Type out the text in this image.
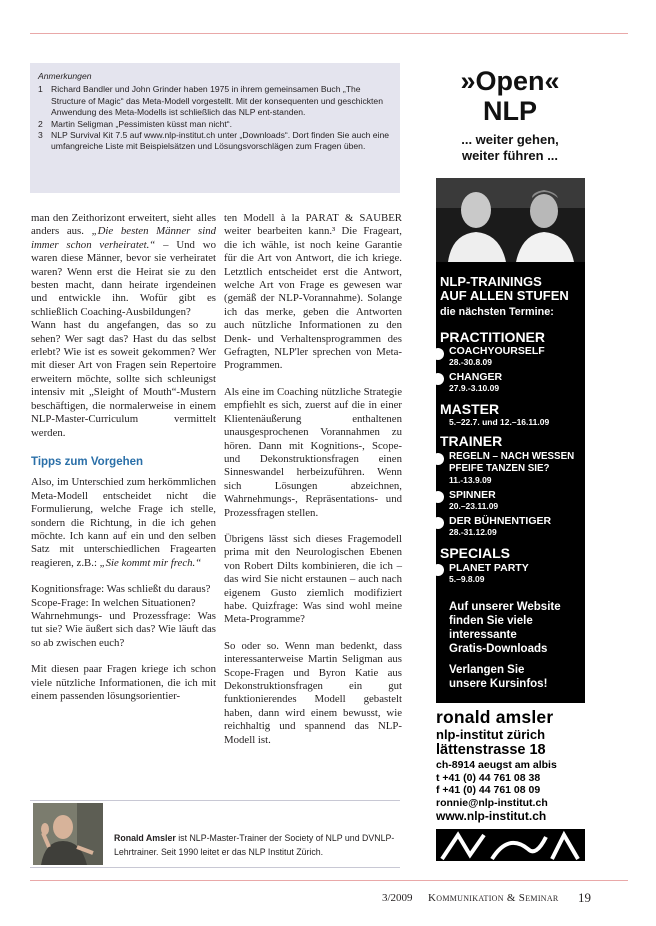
Anmerkungen
1 Richard Bandler und John Grinder haben 1975 in ihrem gemeinsamen Buch „The Structure of Magic“ das Meta-Modell vorgestellt. Mit der konsequenten und geschickten Anwendung des Meta-Modells ist schließlich das NLP ent-standen.
2 Martin Seligman „Pessimisten küsst man nicht“.
3 NLP Survival Kit 7.5 auf www.nlp-institut.ch unter „Downloads“. Dort finden Sie auch eine umfangreiche Liste mit Beispielsätzen und Lösungsvorschlägen zum Fragen üben.

man den Zeithorizont erweitert, sieht alles anders aus. „Die besten Männer sind immer schon verheiratet.“ – Und wo waren diese Männer, bevor sie verheiratet waren? Wenn erst die Heirat sie zu den besten macht, dann heirate irgendeinen und entwickle ihn. Wofür gibt es schließlich Coaching-Ausbildungen?

Wann hast du angefangen, das so zu sehen? Wer sagt das? Hast du das selbst erlebt? Wie ist es soweit gekommen? Wer mit dieser Art von Fragen sein Repertoire erweitern möchte, sollte sich schleunigst intensiv mit „Sleight of Mouth“-Mustern beschäftigen, die normalerweise in einem NLP-Master-Curriculum vermittelt werden.

Tipps zum Vorgehen

Also, im Unterschied zum herkömmlichen Meta-Modell entscheidet nicht die Formulierung, welche Frage ich stelle, sondern die Richtung, in die ich gehen möchte. Ich kann auf ein und den selben Satz mit unterschiedlichen Fragearten reagieren, z.B.: „Sie kommt mir frech.“

Kognitionsfrage: Was schließt du daraus?

Scope-Frage: In welchen Situationen?

Wahrnehmungs- und Prozessfrage: Was tut sie? Wie äußert sich das? Wie läuft das so ab zwischen euch?

Mit diesen paar Fragen kriege ich schon viele nützliche Informationen, die ich mit einem passenden lösungsorientier-

ten Modell à la PARAT & SAUBER weiter bearbeiten kann.³ Die Frageart, die ich wähle, ist noch keine Garantie für die Art von Antwort, die ich kriege. Letztlich entscheidet erst die Antwort, welche Art von Frage es gewesen war (gemäß der NLP-Vorannahme). Solange ich das merke, geben die Antworten auch nützliche Informationen zu den Denk- und Verhaltensprogrammen des Gefragten, NLP'ler sprechen von Meta-Programmen.

Als eine im Coaching nützliche Strategie empfiehlt es sich, zuerst auf die in einer Klientenäußerung enthaltenen unausgesprochenen Vorannahmen zu hören. Dann mit Kognitions-, Scope- und Dekonstruktionsfragen einen Sinneswandel herbeizuführen. Wenn sich Lösungen abzeichnen, Wahrnehmungs-, Repräsentations- und Prozessfragen stellen.

Übrigens lässt sich dieses Fragemodell prima mit den Neurologischen Ebenen von Robert Dilts kombinieren, die ich – das wird Sie nicht erstaunen – auch nach eigenem Gusto ziemlich modifiziert habe. Quizfrage: Was sind wohl meine Meta-Programme?

So oder so. Wenn man bedenkt, dass interessanterweise Martin Seligman aus Scope-Fragen und Byron Katie aus Dekonstruktionsfragen ein gut funktionierendes Modell gebastelt haben, dann wird einem bewusst, wie reichhaltig und spannend das NLP-Modell ist.

Ronald Amsler ist NLP-Master-Trainer der Society of NLP und DVNLP-Lehrtrainer. Seit 1990 leitet er das NLP Institut Zürich.
»Open«
NLP
... weiter gehen,
weiter führen ...
NLP-TRAININGS
AUF ALLEN STUFEN
die nächsten Termine:
PRACTITIONER
COACHYOURSELF
28.-30.8.09
CHANGER
27.9.-3.10.09
MASTER
5.–22.7. und 12.–16.11.09
TRAINER
REGELN – NACH WESSEN
PFEIFE TANZEN SIE?
11.-13.9.09
SPINNER
20.–23.11.09
DER BÜHNENTIGER
28.-31.12.09
SPECIALS
PLANET PARTY
5.–9.8.09
Auf unserer Website
finden Sie viele
interessante
Gratis-Downloads
Verlangen Sie
unsere Kursinfos!
ronald amsler
nlp-institut zürich
lättenstrasse 18
ch-8914 aeugst am albis
t +41 (0) 44 761 08 38
f +41 (0) 44 761 08 09
ronnie@nlp-institut.ch
www.nlp-institut.ch
3/2009 Kommunikation & Seminar 19
